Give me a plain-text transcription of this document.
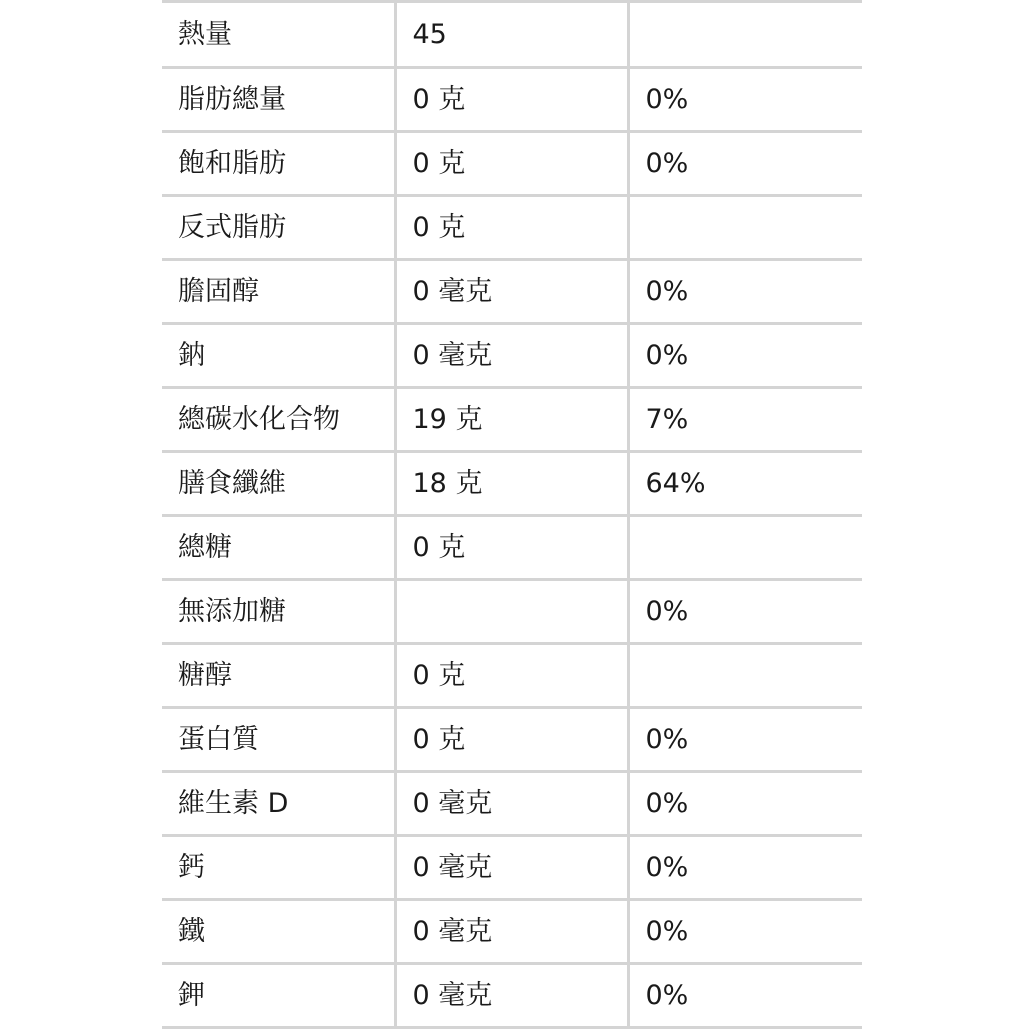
熱量	45	
脂肪總量	0 克	0%
飽和脂肪	0 克	0%
反式脂肪	0 克	
膽固醇	0 毫克	0%
鈉	0 毫克	0%
總碳水化合物	19 克	7%
膳食纖維	18 克	64%
總糖	0 克	
無添加糖		0%
糖醇	0 克	
蛋白質	0 克	0%
維生素 D	0 毫克	0%
鈣	0 毫克	0%
鐵	0 毫克	0%
鉀	0 毫克	0%
